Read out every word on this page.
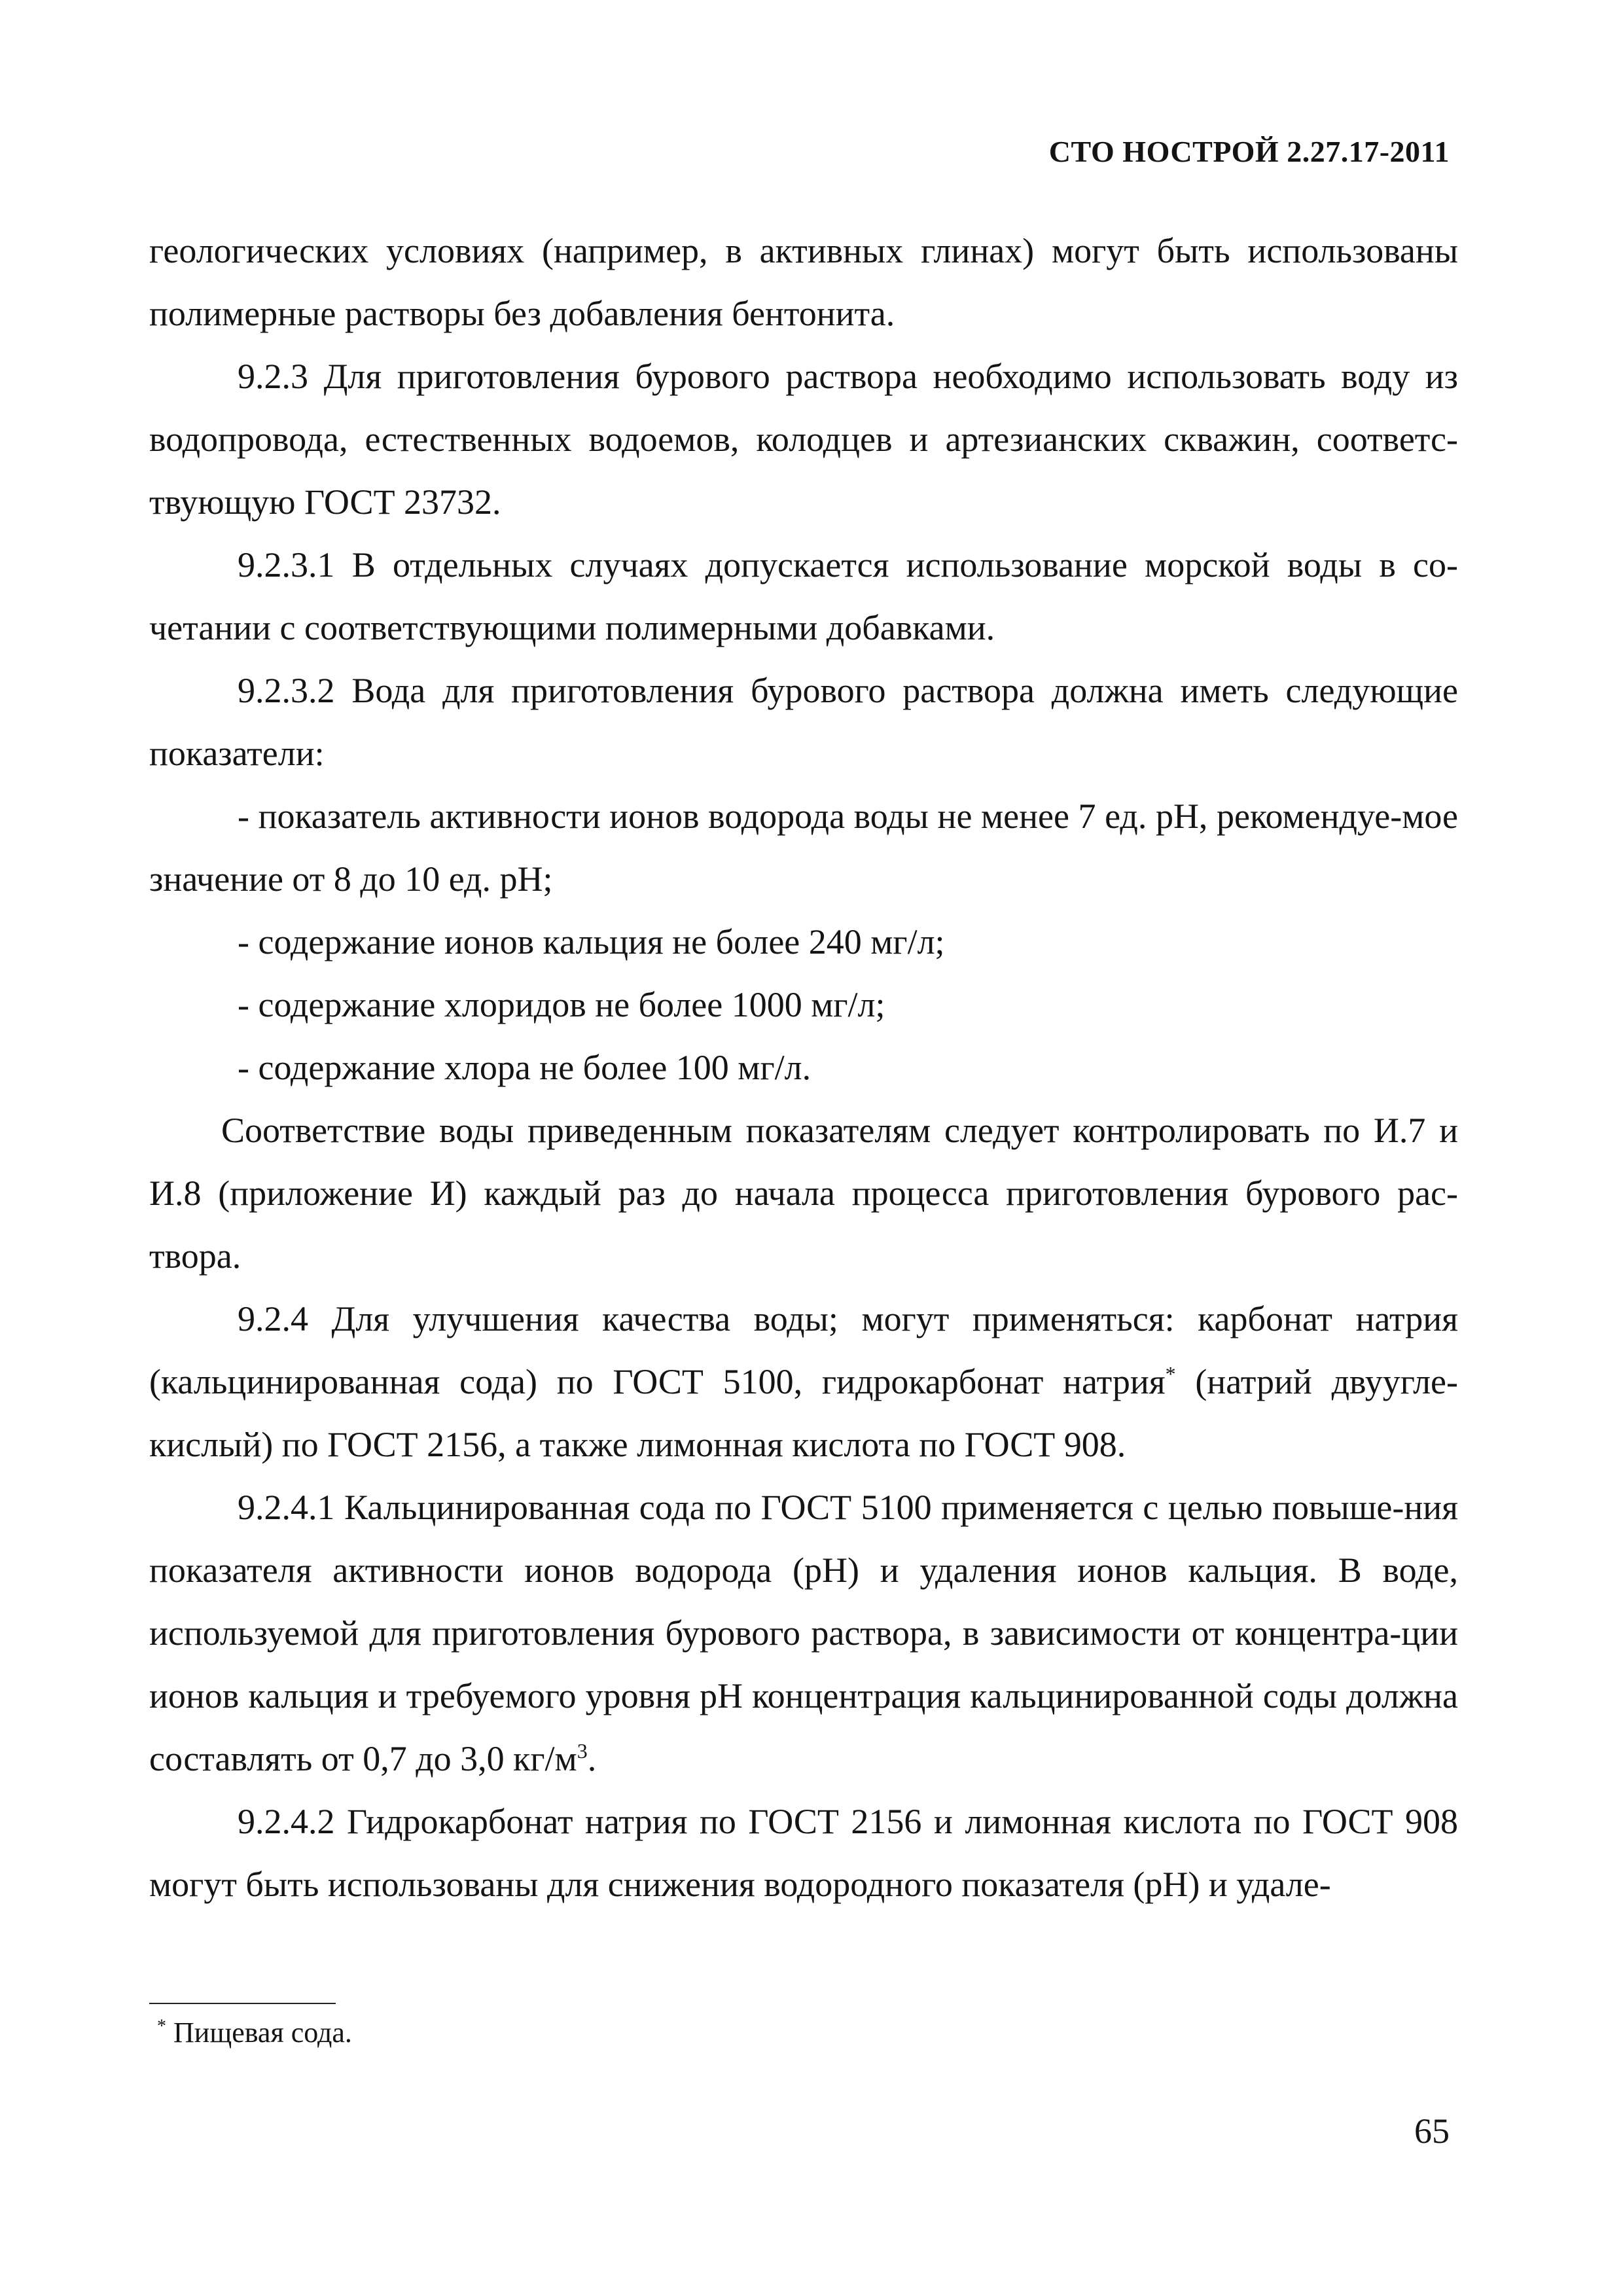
СТО НОСТРОЙ 2.27.17-2011

геологических условиях (например, в активных глинах) могут быть использованы полимерные растворы без добавления бентонита.

9.2.3 Для приготовления бурового раствора необходимо использовать воду из водопровода, естественных водоемов, колодцев и артезианских скважин, соответс-твующую ГОСТ 23732.

9.2.3.1 В отдельных случаях допускается использование морской воды в со-четании с соответствующими полимерными добавками.

9.2.3.2 Вода для приготовления бурового раствора должна иметь следующие показатели:

- показатель активности ионов водорода воды не менее 7 ед. pH, рекомендуе-мое значение от 8 до 10 ед. pH;

- содержание ионов кальция не более 240 мг/л;

- содержание хлоридов не более 1000 мг/л;

- содержание хлора не более 100 мг/л.

Соответствие воды приведенным показателям следует контролировать по И.7 и И.8 (приложение И) каждый раз до начала процесса приготовления бурового рас-твора.

9.2.4 Для улучшения качества воды; могут применяться: карбонат натрия (кальцинированная сода) по ГОСТ 5100, гидрокарбонат натрия* (натрий двуугле-кислый) по ГОСТ 2156, а также лимонная кислота по ГОСТ 908.

9.2.4.1 Кальцинированная сода по ГОСТ 5100 применяется с целью повыше-ния показателя активности ионов водорода (pH) и удаления ионов кальция. В воде, используемой для приготовления бурового раствора, в зависимости от концентра-ции ионов кальция и требуемого уровня pH концентрация кальцинированной соды должна составлять от 0,7 до 3,0 $кг/м^3$.

9.2.4.2 Гидрокарбонат натрия по ГОСТ 2156 и лимонная кислота по ГОСТ 908 могут быть использованы для снижения водородного показателя (pH) и удале-

* Пищевая сода.
65
